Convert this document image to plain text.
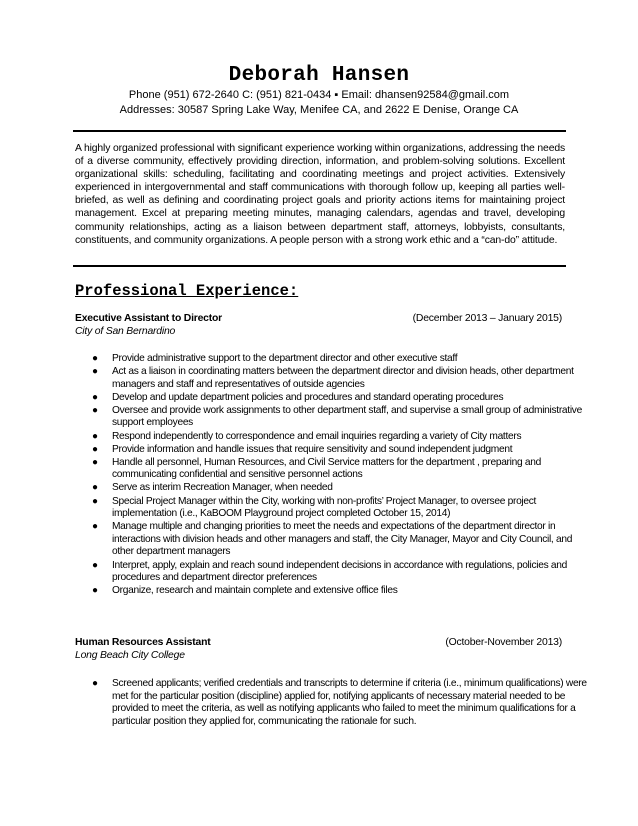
Deborah Hansen
Phone (951) 672-2640 C: (951) 821-0434 ▪ Email: dhansen92584@gmail.com
Addresses: 30587 Spring Lake Way, Menifee CA, and 2622 E Denise, Orange CA
A highly organized professional with significant experience working within organizations, addressing the needs of a diverse community, effectively providing direction, information, and problem-solving solutions. Excellent organizational skills: scheduling, facilitating and coordinating meetings and project activities. Extensively experienced in intergovernmental and staff communications with thorough follow up, keeping all parties well-briefed, as well as defining and coordinating project goals and priority actions items for maintaining project management. Excel at preparing meeting minutes, managing calendars, agendas and travel, developing community relationships, acting as a liaison between department staff, attorneys, lobbyists, consultants, constituents, and community organizations. A people person with a strong work ethic and a “can-do” attitude.
Professional Experience:
Executive Assistant to Director	(December 2013 – January 2015)
City of San Bernardino
● Provide administrative support to the department director and other executive staff
● Act as a liaison in coordinating matters between the department director and division heads, other department managers and staff and representatives of outside agencies
● Develop and update department policies and procedures and standard operating procedures
● Oversee and provide work assignments to other department staff, and supervise a small group of administrative support employees
● Respond independently to correspondence and email inquiries regarding a variety of City matters
● Provide information and handle issues that require sensitivity and sound independent judgment
● Handle all personnel, Human Resources, and Civil Service matters for the department , preparing and communicating confidential and sensitive personnel actions
● Serve as interim Recreation Manager, when needed
● Special Project Manager within the City, working with non-profits’ Project Manager, to oversee project implementation (i.e., KaBOOM Playground project completed October 15, 2014)
● Manage multiple and changing priorities to meet the needs and expectations of the department director in interactions with division heads and other managers and staff, the City Manager, Mayor and City Council, and other department managers
● Interpret, apply, explain and reach sound independent decisions in accordance with regulations, policies and procedures and department director preferences
● Organize, research and maintain complete and extensive office files
Human Resources Assistant	(October-November 2013)
Long Beach City College
● Screened applicants; verified credentials and transcripts to determine if criteria (i.e., minimum qualifications) were met for the particular position (discipline) applied for, notifying applicants of necessary material needed to be provided to meet the criteria, as well as notifying applicants who failed to meet the minimum qualifications for a particular position they applied for, communicating the rationale for such.
